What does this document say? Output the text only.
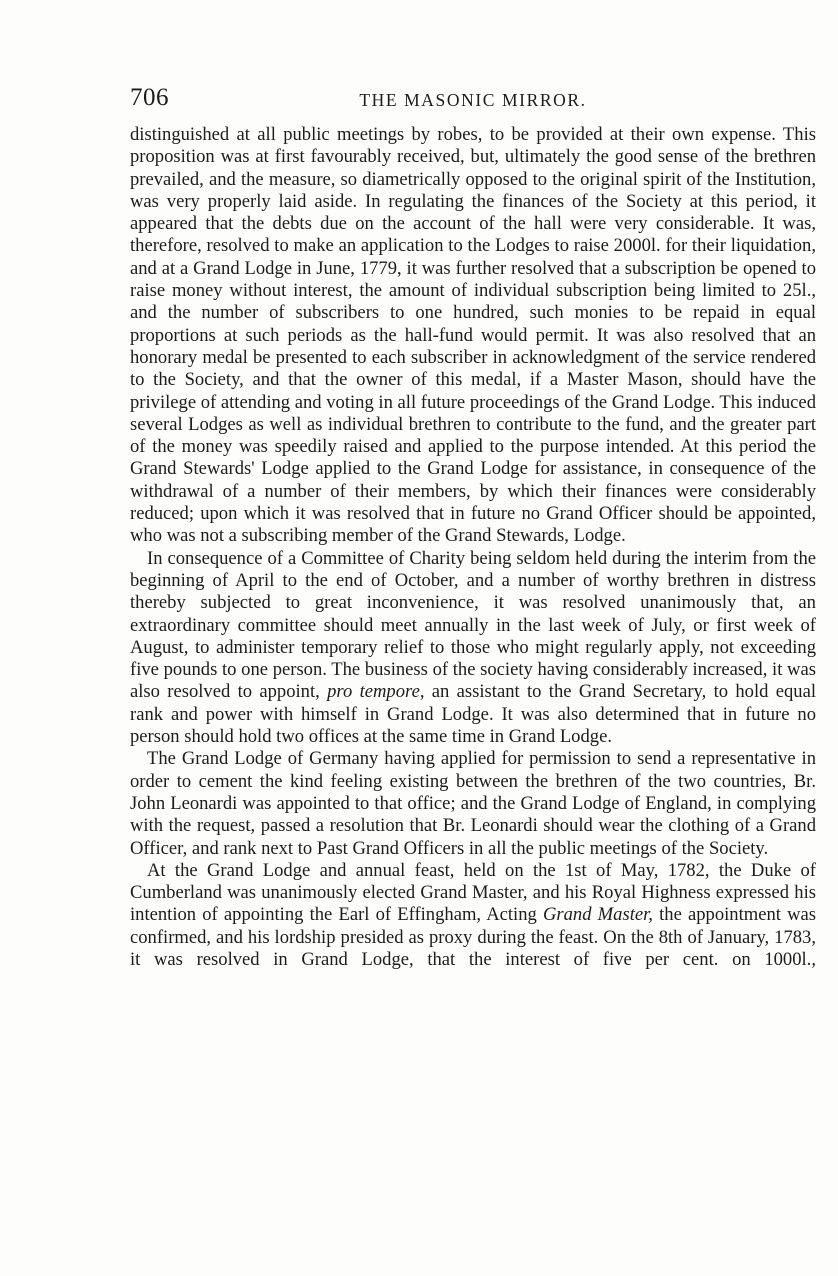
706	THE MASONIC MIRROR.

distinguished at all public meetings by robes, to be provided at their own expense. This proposition was at first favourably received, but, ultimately the good sense of the brethren prevailed, and the measure, so diametrically opposed to the original spirit of the Institution, was very properly laid aside. In regulating the finances of the Society at this period, it appeared that the debts due on the account of the hall were very considerable. It was, therefore, resolved to make an application to the Lodges to raise 2000l. for their liquidation, and at a Grand Lodge in June, 1779, it was further resolved that a subscription be opened to raise money without interest, the amount of individual subscription being limited to 25l., and the number of subscribers to one hundred, such monies to be repaid in equal proportions at such periods as the hall-fund would permit. It was also resolved that an honorary medal be presented to each subscriber in acknowledgment of the service rendered to the Society, and that the owner of this medal, if a Master Mason, should have the privilege of attending and voting in all future proceedings of the Grand Lodge. This induced several Lodges as well as individual brethren to contribute to the fund, and the greater part of the money was speedily raised and applied to the purpose intended. At this period the Grand Stewards' Lodge applied to the Grand Lodge for assistance, in consequence of the withdrawal of a number of their members, by which their finances were considerably reduced; upon which it was resolved that in future no Grand Officer should be appointed, who was not a subscribing member of the Grand Stewards, Lodge.

In consequence of a Committee of Charity being seldom held during the interim from the beginning of April to the end of October, and a number of worthy brethren in distress thereby subjected to great inconvenience, it was resolved unanimously that, an extraordinary committee should meet annually in the last week of July, or first week of August, to administer temporary relief to those who might regularly apply, not exceeding five pounds to one person. The business of the society having considerably increased, it was also resolved to appoint, pro tempore, an assistant to the Grand Secretary, to hold equal rank and power with himself in Grand Lodge. It was also determined that in future no person should hold two offices at the same time in Grand Lodge.

The Grand Lodge of Germany having applied for permission to send a representative in order to cement the kind feeling existing between the brethren of the two countries, Br. John Leonardi was appointed to that office; and the Grand Lodge of England, in complying with the request, passed a resolution that Br. Leonardi should wear the clothing of a Grand Officer, and rank next to Past Grand Officers in all the public meetings of the Society.

At the Grand Lodge and annual feast, held on the 1st of May, 1782, the Duke of Cumberland was unanimously elected Grand Master, and his Royal Highness expressed his intention of appointing the Earl of Effingham, Acting Grand Master, the appointment was confirmed, and his lordship presided as proxy during the feast. On the 8th of January, 1783, it was resolved in Grand Lodge, that the interest of five per cent. on 1000l.,
